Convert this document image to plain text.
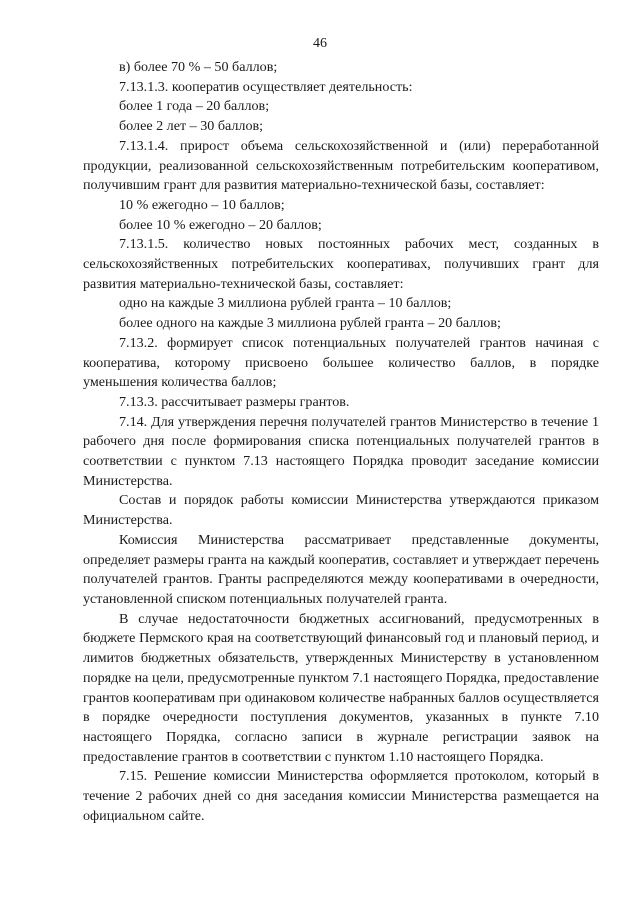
46

в) более 70 % – 50 баллов;

7.13.1.3. кооператив осуществляет деятельность:

более 1 года – 20 баллов;

более 2 лет – 30 баллов;

7.13.1.4. прирост объема сельскохозяйственной и (или) переработанной продукции, реализованной сельскохозяйственным потребительским кооперативом, получившим грант для развития материально-технической базы, составляет:

10 % ежегодно – 10 баллов;

более 10 % ежегодно – 20 баллов;

7.13.1.5. количество новых постоянных рабочих мест, созданных в сельскохозяйственных потребительских кооперативах, получивших грант для развития материально-технической базы, составляет:

одно на каждые 3 миллиона рублей гранта – 10 баллов;

более одного на каждые 3 миллиона рублей гранта – 20 баллов;

7.13.2. формирует список потенциальных получателей грантов начиная с кооператива, которому присвоено большее количество баллов, в порядке уменьшения количества баллов;

7.13.3. рассчитывает размеры грантов.

7.14. Для утверждения перечня получателей грантов Министерство в течение 1 рабочего дня после формирования списка потенциальных получателей грантов в соответствии с пунктом 7.13 настоящего Порядка проводит заседание комиссии Министерства.

Состав и порядок работы комиссии Министерства утверждаются приказом Министерства.

Комиссия Министерства рассматривает представленные документы, определяет размеры гранта на каждый кооператив, составляет и утверждает перечень получателей грантов. Гранты распределяются между кооперативами в очередности, установленной списком потенциальных получателей гранта.

В случае недостаточности бюджетных ассигнований, предусмотренных в бюджете Пермского края на соответствующий финансовый год и плановый период, и лимитов бюджетных обязательств, утвержденных Министерству в установленном порядке на цели, предусмотренные пунктом 7.1 настоящего Порядка, предоставление грантов кооперативам при одинаковом количестве набранных баллов осуществляется в порядке очередности поступления документов, указанных в пункте 7.10 настоящего Порядка, согласно записи в журнале регистрации заявок на предоставление грантов в соответствии с пунктом 1.10 настоящего Порядка.

7.15. Решение комиссии Министерства оформляется протоколом, который в течение 2 рабочих дней со дня заседания комиссии Министерства размещается на официальном сайте.
